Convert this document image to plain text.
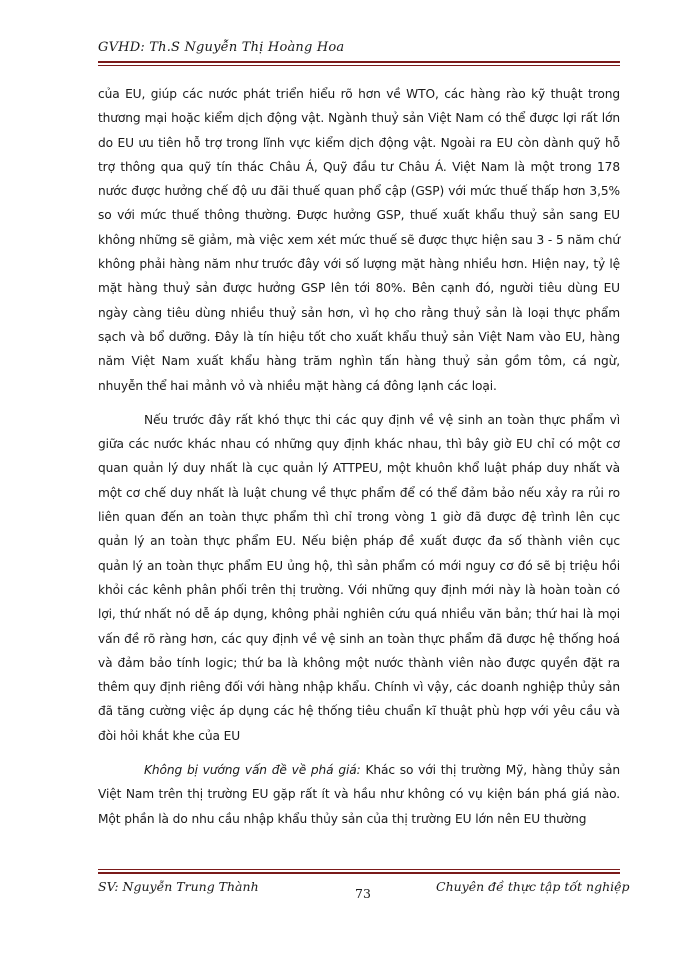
GVHD: Th.S Nguyễn Thị Hoàng Hoa

của EU, giúp các nước phát triển hiểu rõ hơn về WTO, các hàng rào kỹ thuật trong thương mại hoặc kiểm dịch động vật. Ngành thuỷ sản Việt Nam có thể được lợi rất lớn do EU ưu tiên hỗ trợ trong lĩnh vực kiểm dịch động vật. Ngoài ra EU còn dành quỹ hỗ trợ thông qua quỹ tín thác Châu Á, Quỹ đầu tư Châu Á. Việt Nam là một trong 178 nước được hưởng chế độ ưu đãi thuế quan phổ cập (GSP) với mức thuế thấp hơn 3,5% so với mức thuế thông thường. Được hưởng GSP, thuế xuất khẩu thuỷ sản sang EU không những sẽ giảm, mà việc xem xét mức thuế sẽ được thực hiện sau 3 - 5 năm chứ không phải hàng năm như trước đây với số lượng mặt hàng nhiều hơn. Hiện nay, tỷ lệ mặt hàng thuỷ sản được hưởng GSP lên tới 80%. Bên cạnh đó, người tiêu dùng EU ngày càng tiêu dùng nhiều thuỷ sản hơn, vì họ cho rằng thuỷ sản là loại thực phẩm sạch và bổ dưỡng. Đây là tín hiệu tốt cho xuất khẩu thuỷ sản Việt Nam vào EU, hàng năm Việt Nam xuất khẩu hàng trăm nghìn tấn hàng thuỷ sản gồm tôm, cá ngừ, nhuyễn thể hai mảnh vỏ và nhiều mặt hàng cá đông lạnh các loại.

Nếu trước đây rất khó thực thi các quy định về vệ sinh an toàn thực phẩm vì giữa các nước khác nhau có những quy định khác nhau, thì bây giờ EU chỉ có một cơ quan quản lý duy nhất là cục quản lý ATTPEU, một khuôn khổ luật pháp duy nhất và một cơ chế duy nhất là luật chung về thực phẩm để có thể đảm bảo nếu xảy ra rủi ro liên quan đến an toàn thực phẩm thì chỉ trong vòng 1 giờ đã được đệ trình lên cục quản lý an toàn thực phẩm EU. Nếu biện pháp đề xuất được đa số thành viên cục quản lý an toàn thực phẩm EU ủng hộ, thì sản phẩm có mới nguy cơ đó sẽ bị triệu hồi khỏi các kênh phân phối trên thị trường. Với những quy định mới này là hoàn toàn có lợi, thứ nhất nó dễ áp dụng, không phải nghiên cứu quá nhiều văn bản; thứ hai là mọi vấn đề rõ ràng hơn, các quy định về vệ sinh an toàn thực phẩm đã được hệ thống hoá và đảm bảo tính logic; thứ ba là không một nước thành viên nào được quyền đặt ra thêm quy định riêng đối với hàng nhập khẩu. Chính vì vậy, các doanh nghiệp thủy sản đã tăng cường việc áp dụng các hệ thống tiêu chuẩn kĩ thuật phù hợp với yêu cầu và đòi hỏi khắt khe của EU

Không bị vướng vấn đề về phá giá: Khác so với thị trường Mỹ, hàng thủy sản Việt Nam trên thị trường EU gặp rất ít và hầu như không có vụ kiện bán phá giá nào. Một phần là do nhu cầu nhập khẩu thủy sản của thị trường EU lớn nên EU thường

SV: Nguyễn Trung Thành	73	Chuyên đề thực tập tốt nghiệp
